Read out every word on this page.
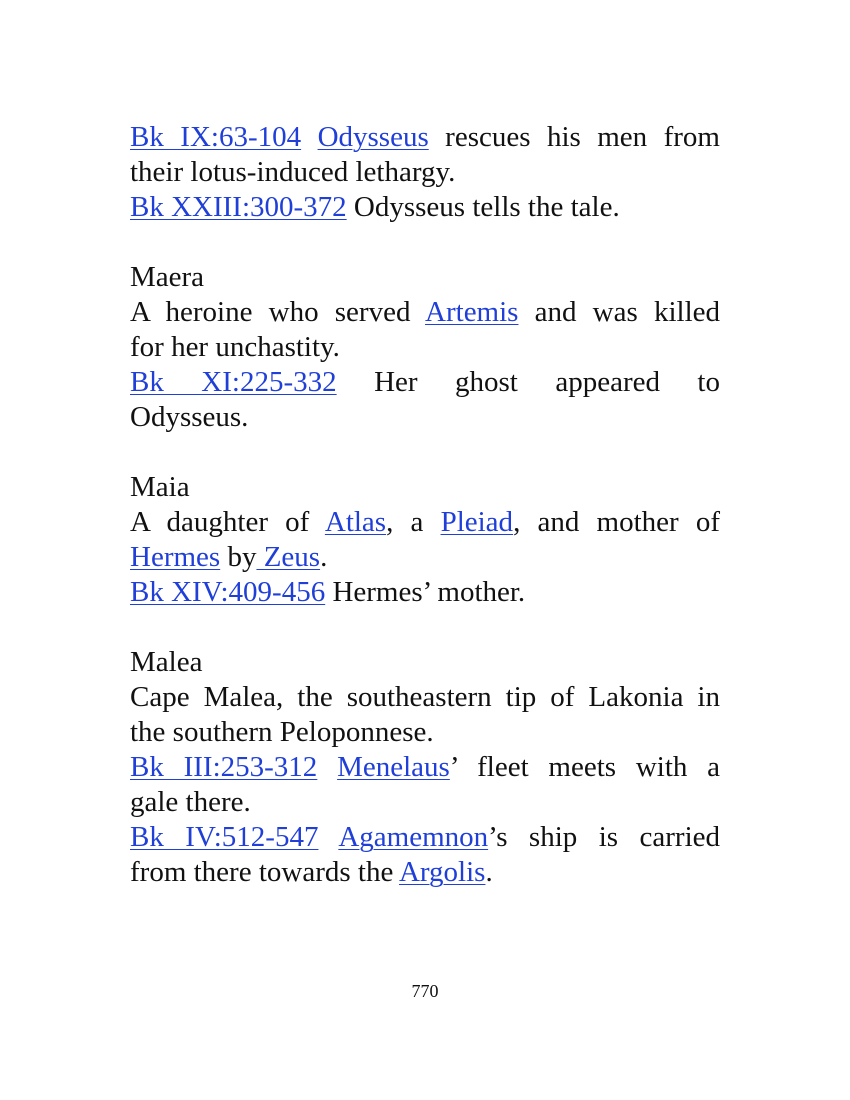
Bk IX:63-104 Odysseus rescues his men from
their lotus-induced lethargy.
Bk XXIII:300-372 Odysseus tells the tale.
Maera
A heroine who served Artemis and was killed
for her unchastity.
Bk XI:225-332 Her ghost appeared to
Odysseus.
Maia
A daughter of Atlas, a Pleiad, and mother of
Hermes by Zeus.
Bk XIV:409-456 Hermes’ mother.
Malea
Cape Malea, the southeastern tip of Lakonia in
the southern Peloponnese.
Bk III:253-312 Menelaus’ fleet meets with a
gale there.
Bk IV:512-547 Agamemnon’s ship is carried
from there towards the Argolis.
770
